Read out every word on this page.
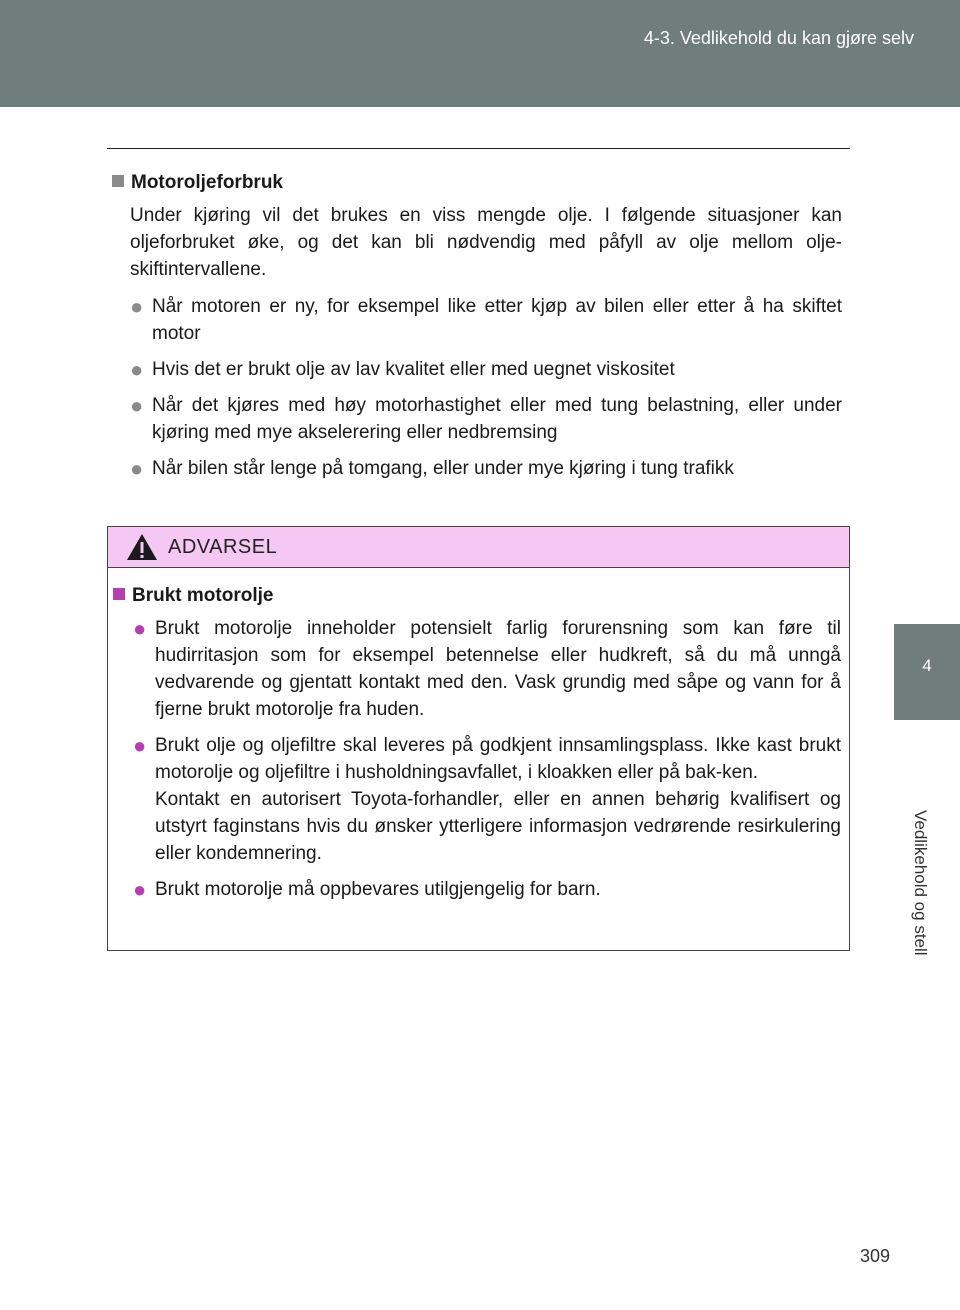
4-3. Vedlikehold du kan gjøre selv
4
Vedlikehold og stell
Motoroljeforbruk

Under kjøring vil det brukes en viss mengde olje. I følgende situasjoner kan oljeforbruket øke, og det kan bli nødvendig med påfyll av olje mellom olje-skiftintervallene.

● Når motoren er ny, for eksempel like etter kjøp av bilen eller etter å ha skiftet motor
● Hvis det er brukt olje av lav kvalitet eller med uegnet viskositet
● Når det kjøres med høy motorhastighet eller med tung belastning, eller under kjøring med mye akselerering eller nedbremsing
● Når bilen står lenge på tomgang, eller under mye kjøring i tung trafikk
ADVARSEL
Brukt motorolje
● Brukt motorolje inneholder potensielt farlig forurensning som kan føre til hudirritasjon som for eksempel betennelse eller hudkreft, så du må unngå vedvarende og gjentatt kontakt med den. Vask grundig med såpe og vann for å fjerne brukt motorolje fra huden.
● Brukt olje og oljefiltre skal leveres på godkjent innsamlingsplass. Ikke kast brukt motorolje og oljefiltre i husholdningsavfallet, i kloakken eller på bak-ken.
Kontakt en autorisert Toyota-forhandler, eller en annen behørig kvalifisert og utstyrt faginstans hvis du ønsker ytterligere informasjon vedrørende resirkulering eller kondemnering.
● Brukt motorolje må oppbevares utilgjengelig for barn.
309
